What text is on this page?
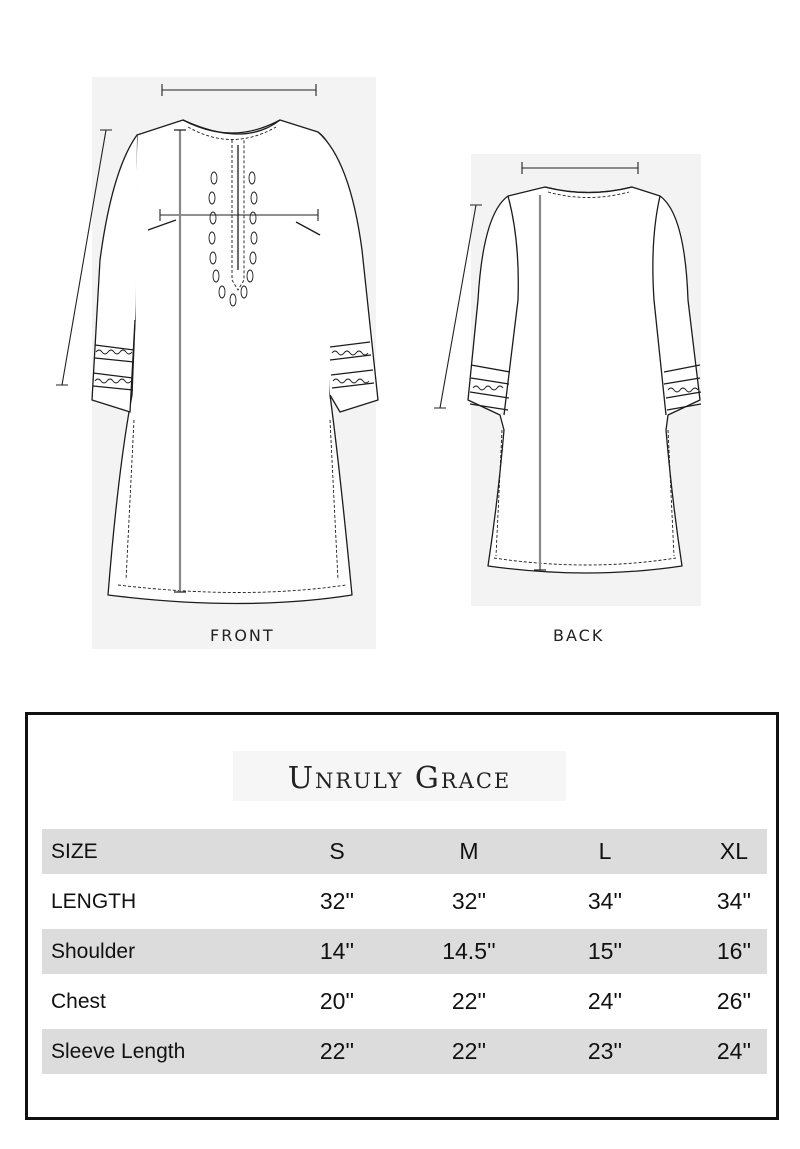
FRONT	BACK
Unruly Grace
SIZE	S	M	L	XL
LENGTH	32''	32''	34''	34''
Shoulder	14''	14.5''	15''	16''
Chest	20''	22''	24''	26''
Sleeve Length	22''	22''	23''	24''
